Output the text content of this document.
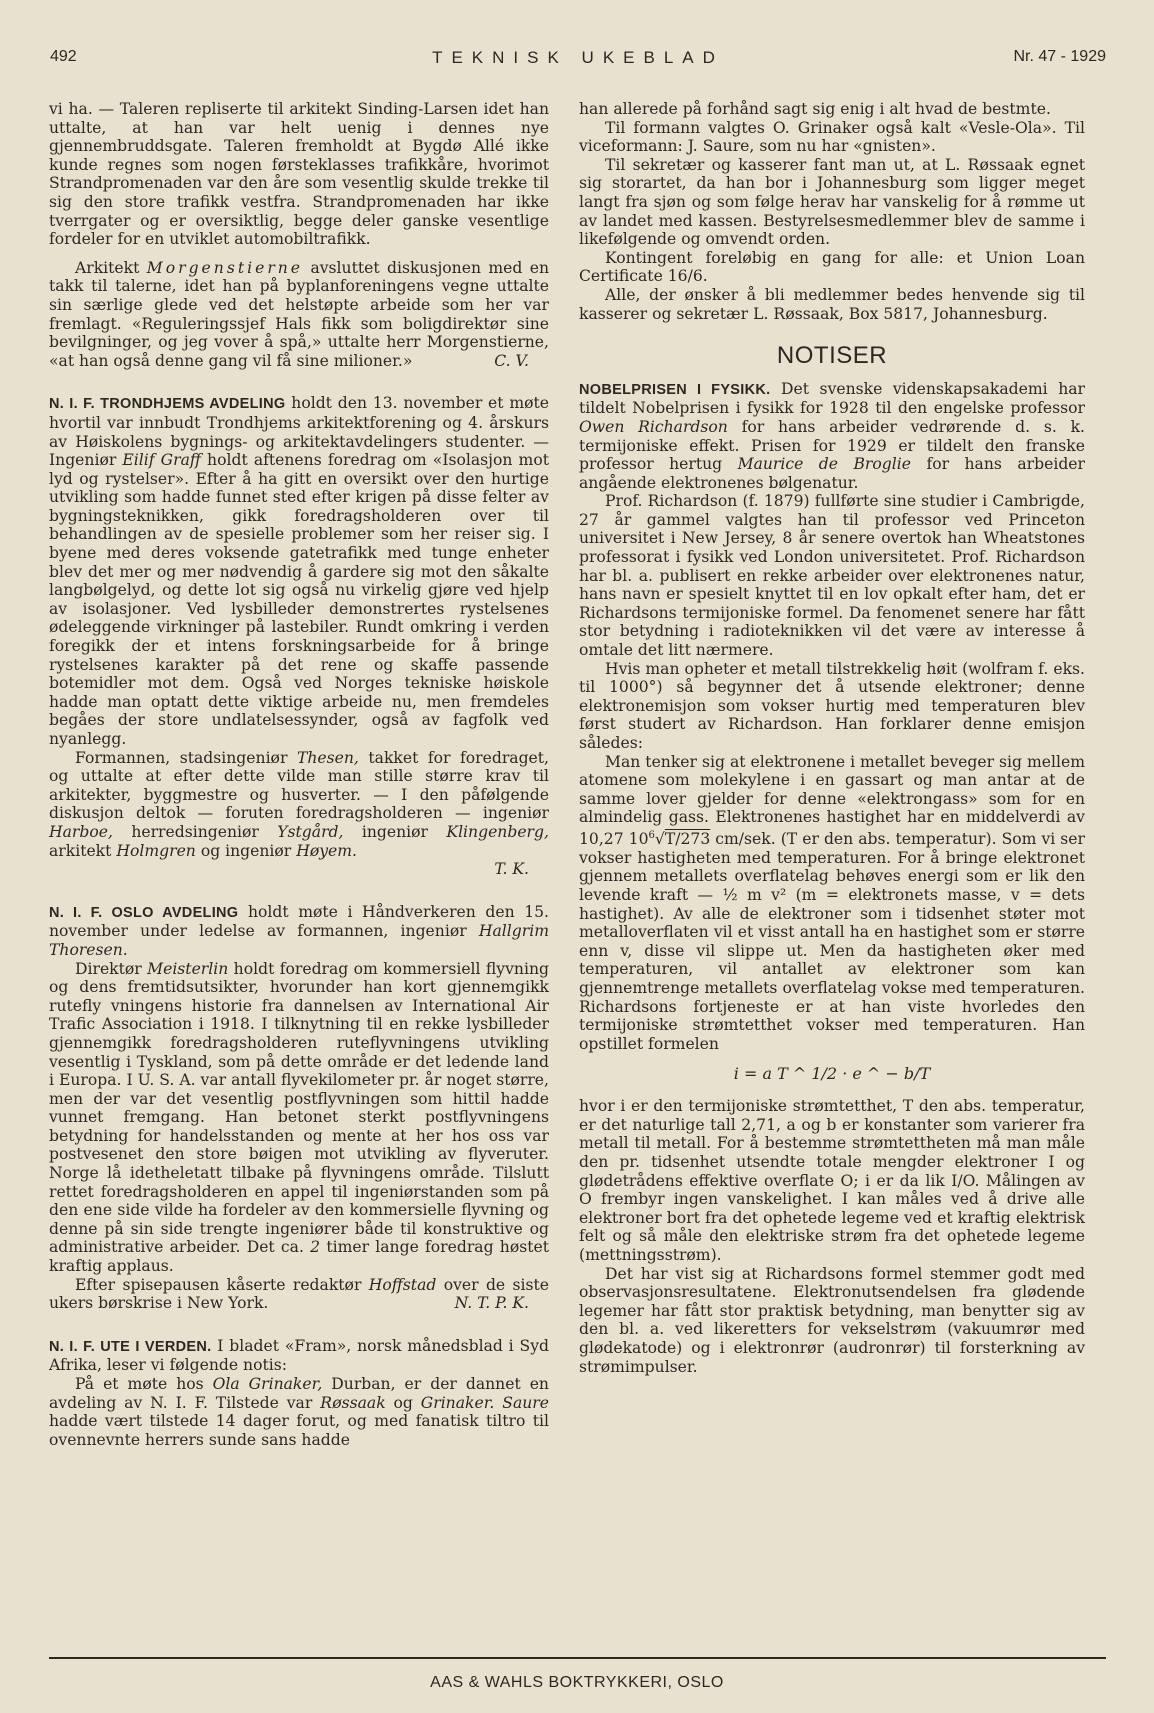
492	TEKNISK UKEBLAD	Nr. 47 - 1929

vi ha. — Taleren repliserte til arkitekt Sinding-Larsen idet han uttalte, at han var helt uenig i dennes nye gjennembruddsgate. Taleren fremholdt at Bygdø Allé ikke kunde regnes som nogen førsteklasses trafikkåre, hvorimot Strandpromenaden var den åre som vesentlig skulde trekke til sig den store trafikk vestfra. Strandpromenaden har ikke tverrgater og er oversiktlig, begge deler ganske vesentlige fordeler for en utviklet automobiltrafikk.

Arkitekt Morgenstierne avsluttet diskusjonen med en takk til talerne, idet han på byplanforeningens vegne uttalte sin særlige glede ved det helstøpte arbeide som her var fremlagt. «Reguleringssjef Hals fikk som boligdirektør sine bevilgninger, og jeg vover å spå,» uttalte herr Morgenstierne, «at han også denne gang vil få sine milioner.»	C. V.

N. I. F. TRONDHJEMS AVDELING holdt den 13. november et møte hvortil var innbudt Trondhjems arkitektforening og 4. årskurs av Høiskolens bygnings- og arkitektavdelingers studenter. — Ingeniør Eilif Graff holdt aftenens foredrag om «Isolasjon mot lyd og rystelser». Efter å ha gitt en oversikt over den hurtige utvikling som hadde funnet sted efter krigen på disse felter av bygningsteknikken, gikk foredragsholderen over til behandlingen av de spesielle problemer som her reiser sig. I byene med deres voksende gatetrafikk med tunge enheter blev det mer og mer nødvendig å gardere sig mot den såkalte langbølgelyd, og dette lot sig også nu virkelig gjøre ved hjelp av isolasjoner. Ved lysbilleder demonstrertes rystelsenes ødeleggende virkninger på lastebiler. Rundt omkring i verden foregikk der et intens forskningsarbeide for å bringe rystelsenes karakter på det rene og skaffe passende botemidler mot dem. Også ved Norges tekniske høiskole hadde man optatt dette viktige arbeide nu, men fremdeles begåes der store undlatelsessynder, også av fagfolk ved nyanlegg.

Formannen, stadsingeniør Thesen, takket for foredraget, og uttalte at efter dette vilde man stille større krav til arkitekter, byggmestre og husverter. — I den påfølgende diskusjon deltok — foruten foredragsholderen — ingeniør Harboe, herredsingeniør Ystgård, ingeniør Klingenberg, arkitekt Holmgren og ingeniør Høyem.

T. K.

N. I. F. OSLO AVDELING holdt møte i Håndverkeren den 15. november under ledelse av formannen, ingeniør Hallgrim Thoresen.

Direktør Meisterlin holdt foredrag om kommersiell flyvning og dens fremtidsutsikter, hvorunder han kort gjennemgikk rutefly vningens historie fra dannelsen av International Air Trafic Association i 1918. I tilknytning til en rekke lysbilleder gjennemgikk foredragsholderen ruteflyvningens utvikling vesentlig i Tyskland, som på dette område er det ledende land i Europa. I U. S. A. var antall flyvekilometer pr. år noget større, men der var det vesentlig postflyvningen som hittil hadde vunnet fremgang. Han betonet sterkt postflyvningens betydning for handelsstanden og mente at her hos oss var postvesenet den store bøigen mot utvikling av flyveruter. Norge lå idetheletatt tilbake på flyvningens område. Tilslutt rettet foredragsholderen en appel til ingeniørstanden som på den ene side vilde ha fordeler av den kommersielle flyvning og denne på sin side trengte ingeniører både til konstruktive og administrative arbeider. Det ca. 2 timer lange foredrag høstet kraftig applaus.

Efter spisepausen kåserte redaktør Hoffstad over de siste ukers børskrise i New York.	N. T. P. K.

N. I. F. UTE I VERDEN. I bladet «Fram», norsk månedsblad i Syd Afrika, leser vi følgende notis:

På et møte hos Ola Grinaker, Durban, er der dannet en avdeling av N. I. F. Tilstede var Røssaak og Grinaker. Saure hadde vært tilstede 14 dager forut, og med fanatisk tiltro til ovennevnte herrers sunde sans hadde

han allerede på forhånd sagt sig enig i alt hvad de bestmte.

Til formann valgtes O. Grinaker også kalt «Vesle-Ola». Til viceformann: J. Saure, som nu har «gnisten».

Til sekretær og kasserer fant man ut, at L. Røssaak egnet sig storartet, da han bor i Johannesburg som ligger meget langt fra sjøn og som følge herav har vanskelig for å rømme ut av landet med kassen. Bestyrelsesmedlemmer blev de samme i likefølgende og omvendt orden.

Kontingent foreløbig en gang for alle: et Union Loan Certificate 16/6.

Alle, der ønsker å bli medlemmer bedes henvende sig til kasserer og sekretær L. Røssaak, Box 5817, Johannesburg.

NOTISER

NOBELPRISEN I FYSIKK. Det svenske videnskapsakademi har tildelt Nobelprisen i fysikk for 1928 til den engelske professor Owen Richardson for hans arbeider vedrørende d. s. k. termijoniske effekt. Prisen for 1929 er tildelt den franske professor hertug Maurice de Broglie for hans arbeider angående elektronenes bølgenatur.

Prof. Richardson (f. 1879) fullførte sine studier i Cambrigde, 27 år gammel valgtes han til professor ved Princeton universitet i New Jersey, 8 år senere overtok han Wheatstones professorat i fysikk ved London universitetet. Prof. Richardson har bl. a. publisert en rekke arbeider over elektronenes natur, hans navn er spesielt knyttet til en lov opkalt efter ham, det er Richardsons termijoniske formel. Da fenomenet senere har fått stor betydning i radioteknikken vil det være av interesse å omtale det litt nærmere.

Hvis man opheter et metall tilstrekkelig høit (wolfram f. eks. til 1000°) så begynner det å utsende elektroner; denne elektronemisjon som vokser hurtig med temperaturen blev først studert av Richardson. Han forklarer denne emisjon således:

Man tenker sig at elektronene i metallet beveger sig mellem atomene som molekylene i en gassart og man antar at de samme lover gjelder for denne «elektrongass» som for en almindelig gass. Elektronenes hastighet har en middelverdi av 10,27 $10^6√T/273$ cm/sek. (T er den abs. temperatur). Som vi ser vokser hastigheten med temperaturen. For å bringe elektronet gjennem metallets overflatelag behøves energi som er lik den levende kraft — ½ m v² (m = elektronets masse, v = dets hastighet). Av alle de elektroner som i tidsenhet støter mot metalloverflaten vil et visst antall ha en hastighet som er større enn v, disse vil slippe ut. Men da hastigheten øker med temperaturen, vil antallet av elektroner som kan gjennemtrenge metallets overflatelag vokse med temperaturen. Richardsons fortjeneste er at han viste hvorledes den termijoniske strømtetthet vokser med temperaturen. Han opstillet formelen

i = a T ^ 1/2 · e ^ − b/T

hvor i er den termijoniske strømtetthet, T den abs. temperatur, er det naturlige tall 2,71, a og b er konstanter som varierer fra metall til metall. For å bestemme strømtettheten må man måle den pr. tidsenhet utsendte totale mengder elektroner I og glødetrådens effektive overflate O; i er da lik I/O. Målingen av O frembyr ingen vanskelighet. I kan måles ved å drive alle elektroner bort fra det ophetede legeme ved et kraftig elektrisk felt og så måle den elektriske strøm fra det ophetede legeme (mettningsstrøm).

Det har vist sig at Richardsons formel stemmer godt med observasjonsresultatene. Elektronutsendelsen fra glødende legemer har fått stor praktisk betydning, man benytter sig av den bl. a. ved likeretters for vekselstrøm (vakuumrør med glødekatode) og i elektronrør (audronrør) til forsterkning av strømimpulser.

AAS & WAHLS BOKTRYKKERI, OSLO
